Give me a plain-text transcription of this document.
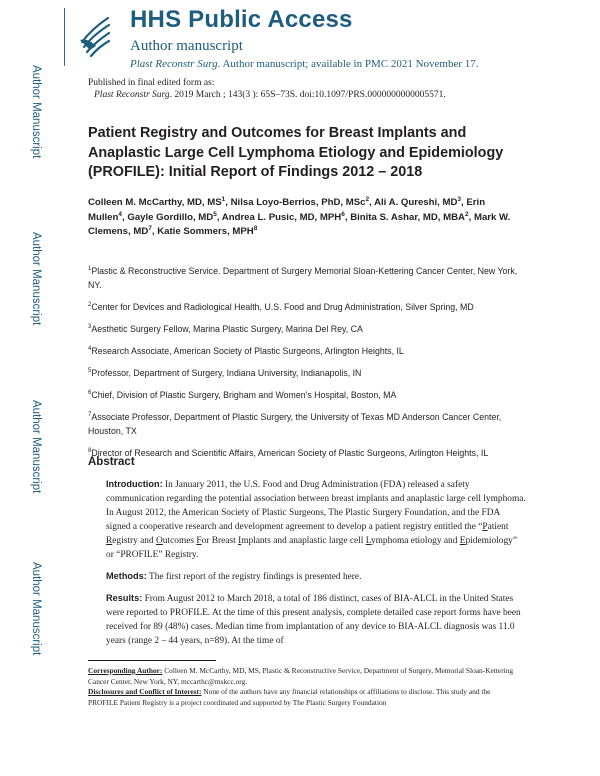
Author Manuscript
Author Manuscript
Author Manuscript
Author Manuscript
HHS Public Access
Author manuscript
Plast Reconstr Surg. Author manuscript; available in PMC 2021 November 17.
Published in final edited form as:
Plast Reconstr Surg. 2019 March ; 143(3 ): 65S–73S. doi:10.1097/PRS.0000000000005571.
Patient Registry and Outcomes for Breast Implants and Anaplastic Large Cell Lymphoma Etiology and Epidemiology (PROFILE): Initial Report of Findings 2012 – 2018
Colleen M. McCarthy, MD, $MS^1$, Nilsa Loyo-Berrios, PhD, MSc$^2$, Ali A. Qureshi, $MD^3$, Erin Mullen$^4$, Gayle Gordillo, $MD^5$, Andrea L. Pusic, MD, MPH$^6$, Binita S. Ashar, MD, MBA$^2$, Mark W. Clemens, $MD^7$, Katie Sommers, MPH$^8$
$^1$Plastic & Reconstructive Service. Department of Surgery Memorial Sloan-Kettering Cancer Center, New York, NY.
$^2$Center for Devices and Radiological Health, U.S. Food and Drug Administration, Silver Spring, MD
$^3$Aesthetic Surgery Fellow, Marina Plastic Surgery, Marina Del Rey, CA
$^4$Research Associate, American Society of Plastic Surgeons, Arlington Heights, IL
$^5$Professor, Department of Surgery, Indiana University, Indianapolis, IN
$^6$Chief, Division of Plastic Surgery, Brigham and Women's Hospital, Boston, MA
$^7$Associate Professor, Department of Plastic Surgery, the University of Texas MD Anderson Cancer Center, Houston, TX
$^8$Director of Research and Scientific Affairs, American Society of Plastic Surgeons, Arlington Heights, IL
Abstract

Introduction: In January 2011, the U.S. Food and Drug Administration (FDA) released a safety communication regarding the potential association between breast implants and anaplastic large cell lymphoma. In August 2012, the American Society of Plastic Surgeons, The Plastic Surgery Foundation, and the FDA signed a cooperative research and development agreement to develop a patient registry entitled the “Patient Registry and Outcomes For Breast Implants and anaplastic large cell Lymphoma etiology and Epidemiology” or “PROFILE” Registry.

Methods: The first report of the registry findings is presented here.

Results: From August 2012 to March 2018, a total of 186 distinct, cases of BIA-ALCL in the United States were reported to PROFILE. At the time of this present analysis, complete detailed case report forms have been received for 89 (48%) cases. Median time from implantation of any device to BIA-ALCL diagnosis was 11.0 years (range 2 – 44 years, n=89). At the time of

Corresponding Author: Colleen M. McCarthy, MD, MS, Plastic & Reconstructive Service, Department of Surgery, Memorial Sloan-Kettering Cancer Center, New York, NY, mccarthc@mskcc.org.
Disclosures and Conflict of Interest: None of the authors have any financial relationships or affiliations to disclose. This study and the PROFILE Patient Registry is a project coordinated and supported by The Plastic Surgery Foundation
